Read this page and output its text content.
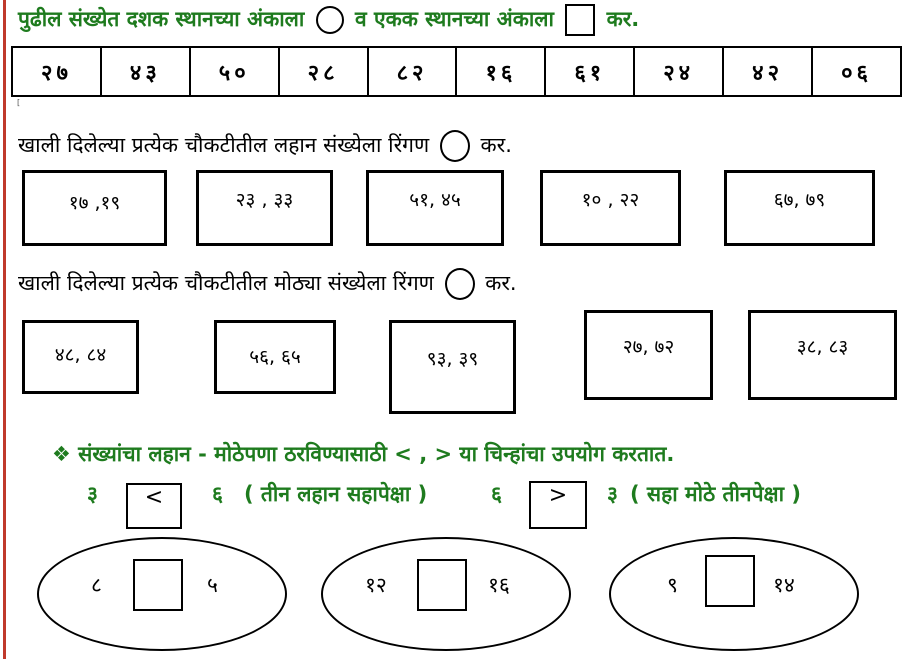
पुढील संख्येत दशक स्थानच्या अंकाला व एकक स्थानच्या अंकाला	कर.
२७	४३	५०	२८	८२	१६	६१	२४	४२	०६
[
खाली दिलेल्या प्रत्येक चौकटीतील लहान संख्येला रिंगण कर.
१७ ,१९	२३ , ३३	५१, ४५	१० , २२	६७, ७९
खाली दिलेल्या प्रत्येक चौकटीतील मोठ्या संख्येला रिंगण कर.
४८, ८४	५६, ६५	९३, ३९
२७, ७२	३८, ८३
❖ संख्यांचा लहान - मोठेपणा ठरविण्यासाठी < , > या चिन्हांचा उपयोग करतात.
३	<	६ ( तीन लहान सहापेक्षा )	६	>	३ ( सहा मोठे तीनपेक्षा )
८	५	१२	१६	९	१४
